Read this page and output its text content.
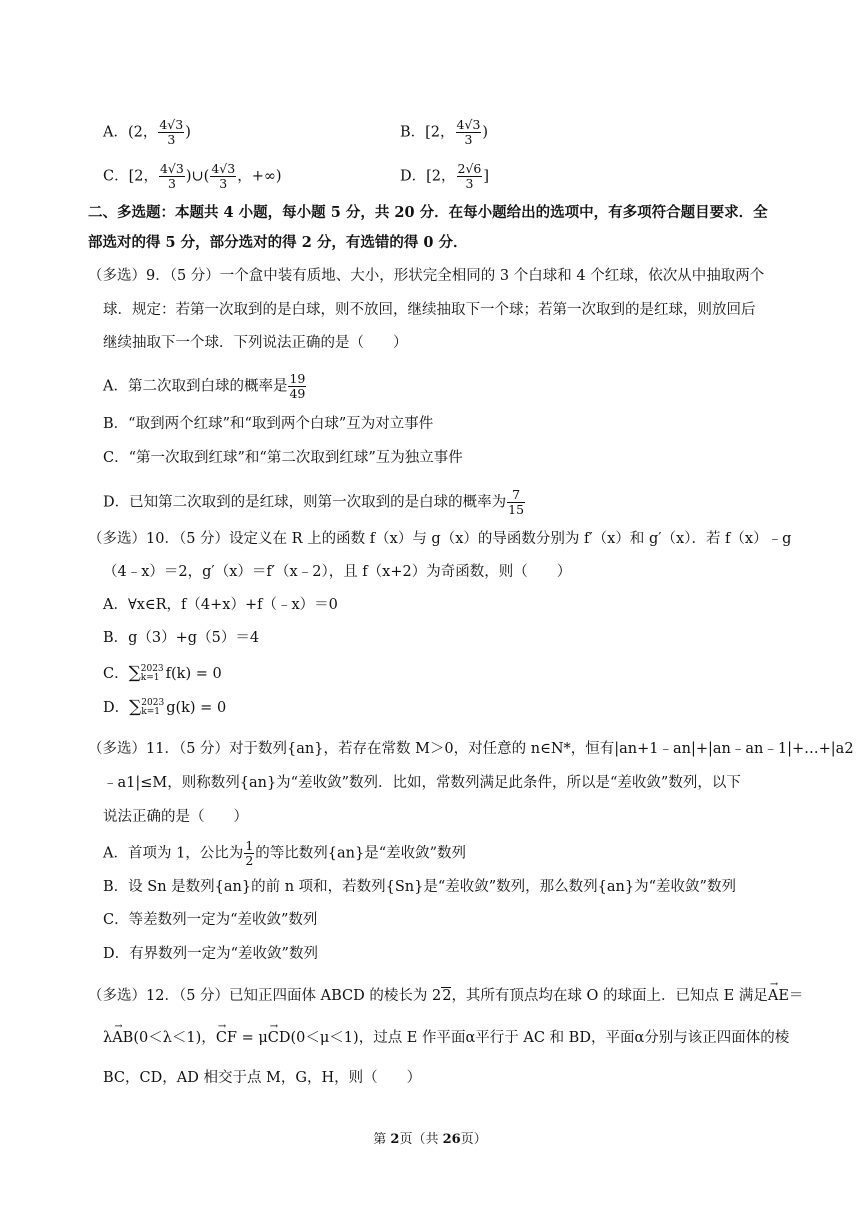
A．(2， $\frac{4√3}{3}$ )	B．[2， $\frac{4√3}{3}$ )
C．[2， $\frac{4√3}{3}$ )∪( $\frac{4√3}{3}$ ，+∞)	D．[2， $\frac{2√6}{3}$ ]
二、多选题：本题共 4 小题，每小题 5 分，共 20 分．在每小题给出的选项中，有多项符合题目要求．全
部选对的得 5 分，部分选对的得 2 分，有选错的得 0 分．
（多选）9．（5 分）一个盒中装有质地、大小，形状完全相同的 3 个白球和 4 个红球，依次从中抽取两个
球．规定：若第一次取到的是白球，则不放回，继续抽取下一个球；若第一次取到的是红球，则放回后
继续抽取下一个球．下列说法正确的是（　　）
A．第二次取到白球的概率是 $\frac{19}{49}$
B．“取到两个红球”和“取到两个白球”互为对立事件
C．“第一次取到红球”和“第二次取到红球”互为独立事件
D．已知第二次取到的是红球，则第一次取到的是白球的概率为 $\frac{7}{15}$
（多选）10．（5 分）设定义在 R 上的函数 f（x）与 g（x）的导函数分别为 f′（x）和 g′（x）．若 f（x）﹣g
（4﹣x）＝2，g′（x）＝f′（x﹣2），且 f（x+2）为奇函数，则（　　）
A．∀x∈R，f（4+x）+f（﹣x）＝0
B．g（3）+g（5）＝4
C．∑2023
k=1 f(k) = 0
D．∑2023
k=1 g(k) = 0
（多选）11．（5 分）对于数列{an}，若存在常数 M＞0，对任意的 n∈N*，恒有|an+1﹣an|+|an﹣an﹣1|+…+|a2
﹣a1|≤M，则称数列{an}为“差收敛”数列．比如，常数列满足此条件，所以是“差收敛”数列，以下
说法正确的是（　　）
A．首项为 1，公比为 $\frac{1}{2}$ 的等比数列{an}是“差收敛”数列
B．设 Sn 是数列{an}的前 n 项和，若数列{Sn}是“差收敛”数列，那么数列{an}为“差收敛”数列
C．等差数列一定为“差收敛”数列
D．有界数列一定为“差收敛”数列
（多选）12．（5 分）已知正四面体 ABCD 的棱长为 22，其所有顶点均在球 O 的球面上．已知点 E 满足→ AE＝
λ→ AB(0＜λ＜1)，→ CF = μ→ CD(0＜μ＜1)，过点 E 作平面α平行于 AC 和 BD，平面α分别与该正四面体的棱
BC，CD，AD 相交于点 M，G，H，则（　　）
第 2页（共 26页）
